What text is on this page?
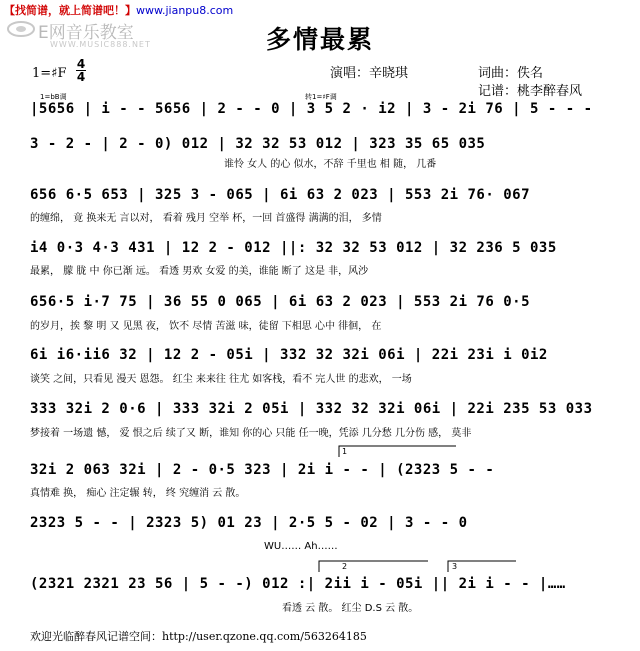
【找简谱，就上简谱吧！】www.jianpu8.com
E网音乐教室
WWW.MUSIC888.NET	多情最累
1=♯F
4
4	演唱：辛晓琪	词曲：佚名
记谱：桃李醉春风
1=bB调	转1=♯F调
|5656 | i - - 5656 | 2 - - 0 | 3 5 2 · i2 | 3 - 2i 76 | 5 - - -
3 - 2 - | 2 - 0) 012 | 32 32 53 012 | 323 35 65 035
谁怜 女人 的心 似水，不辞 千里也 相 随， 几番
656 6·5 653 | 325 3 - 065 | 6i 63 2 023 | 553 2i 76· 067
的缠绵， 竟 换来无 言以对， 看着 残月 空举 杯，一回 首盛得 满满的泪， 多情
i4 0·3 4·3 431 | 12 2 - 012 ||: 32 32 53 012 | 32 236 5 035
最累， 朦 胧 中 你已渐 远。 看透 男欢 女爱 的美，谁能 断了 这是 非，风沙
656·5 i·7 75 | 36 55 0 065 | 6i 63 2 023 | 553 2i 76 0·5
的岁月，挨 黎 明 又 见黑 夜， 饮不 尽情 苦滋 味，徒留 下相思 心中 徘徊， 在
6i i6·ii6 32 | 12 2 - 05i | 332 32 32i 06i | 22i 23i i 0i2
谈笑 之间，只看见 漫天 恩怨。 红尘 来来往 往尤 如客栈，看不 完人世 的悲欢， 一场
333 32i 2 0·6 | 333 32i 2 05i | 332 32 32i 06i | 22i 235 53 033
梦接着 一场遗 憾， 爱 恨之后 续了又 断，谁知 你的心 只能 任一晚，凭添 几分愁 几分伤 感， 莫非
32i 2 063 32i | 2 - 0·5 323 | 2i i - - | (2323 5 - -
真情难 换， 痴心 注定辗 转， 终 究缠消 云 散。
1
2323 5 - - | 2323 5) 01 23 | 2·5 5 - 02 | 3 - - 0
WU…… Ah……
2	3
(2321 2321 23 56 | 5 - -) 012 :| 2ii i - 05i || 2i i - - |……
看透 云 散。 红尘 D.S 云 散。
欢迎光临醉春风记谱空间：http://user.qzone.qq.com/563264185
